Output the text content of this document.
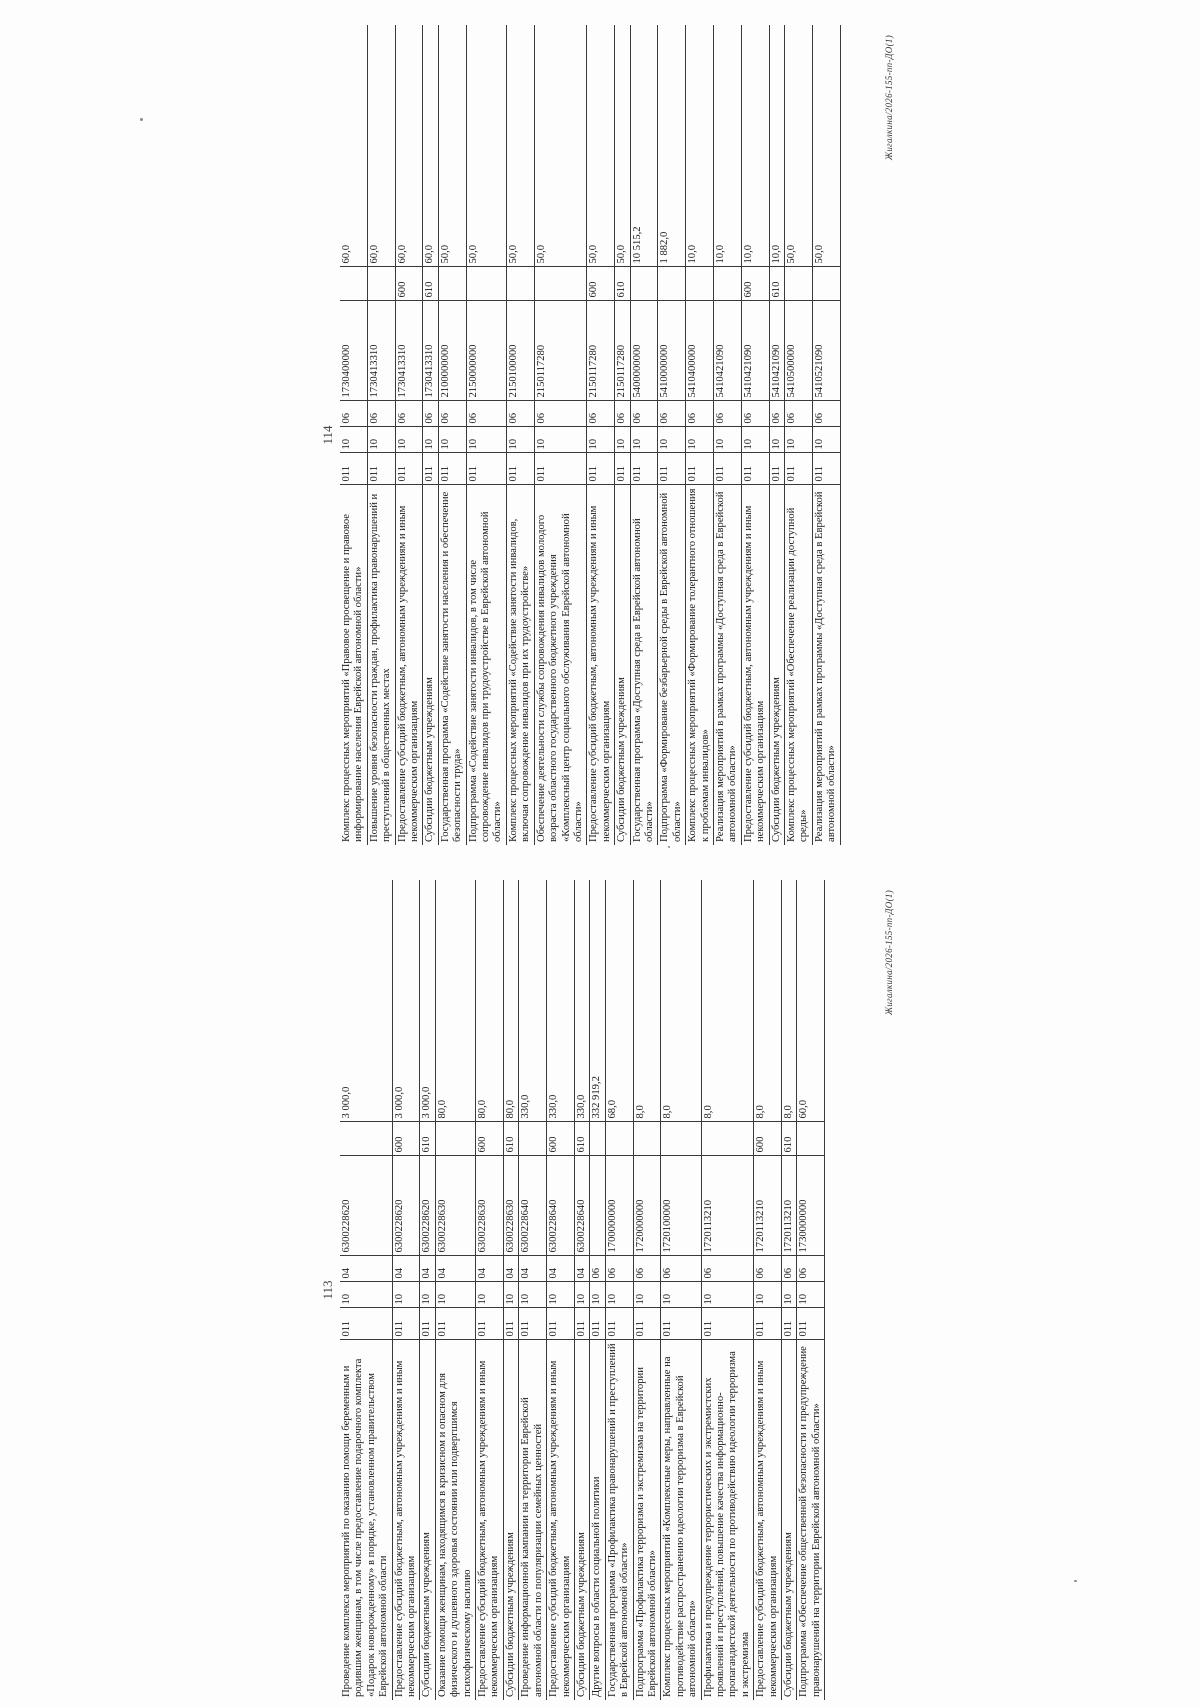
113
Проведение комплекса мероприятий по оказанию помощи беременным и родившим женщинам, в том числе предоставление подарочного комплекта «Подарок новорожденному» в порядке, установленном правительством Еврейской автономной области	011	10	04	6300228620		3 000,0
Предоставление субсидий бюджетным, автономным учреждениям и иным некоммерческим организациям	011	10	04	6300228620	600	3 000,0
Субсидии бюджетным учреждениям	011	10	04	6300228620	610	3 000,0
Оказание помощи женщинам, находящимся в кризисном и опасном для физического и душевного здоровья состоянии или подвергшимся психофизическому насилию	011	10	04	6300228630		80,0
Предоставление субсидий бюджетным, автономным учреждениям и иным некоммерческим организациям	011	10	04	6300228630	600	80,0
Субсидии бюджетным учреждениям	011	10	04	6300228630	610	80,0
Проведение информационной кампании на территории Еврейской автономной области по популяризации семейных ценностей	011	10	04	6300228640		330,0
Предоставление субсидий бюджетным, автономным учреждениям и иным некоммерческим организациям	011	10	04	6300228640	600	330,0
Субсидии бюджетным учреждениям	011	10	04	6300228640	610	330,0
Другие вопросы в области социальной политики	011	10	06			332 919,2
Государственная программа «Профилактика правонарушений и преступлений в Еврейской автономной области»	011	10	06	1700000000		68,0
Подпрограмма «Профилактика терроризма и экстремизма на территории Еврейской автономной области»	011	10	06	1720000000		8,0
Комплекс процессных мероприятий «Комплексные меры, направленные на противодействие распространению идеологии терроризма в Еврейской автономной области»	011	10	06	1720100000		8,0
Профилактика и предупреждение террористических и экстремистских проявлений и преступлений, повышение качества информационно-пропагандистской деятельности по противодействию идеологии терроризма и экстремизма	011	10	06	1720113210		8,0
Предоставление субсидий бюджетным, автономным учреждениям и иным некоммерческим организациям	011	10	06	1720113210	600	8,0
Субсидии бюджетным учреждениям	011	10	06	1720113210	610	8,0
Подпрограмма «Обеспечение общественной безопасности и предупреждение правонарушений на территории Еврейской автономной области»	011	10	06	1730000000		60,0
Жигалкина/2026-155-пп-ДО(1)
114
Комплекс процессных мероприятий «Правовое просвещение и правовое информирование населения Еврейской автономной области»	011	10	06	1730400000		60,0
Повышение уровня безопасности граждан, профилактика правонарушений и преступлений в общественных местах	011	10	06	1730413310		60,0
Предоставление субсидий бюджетным, автономным учреждениям и иным некоммерческим организациям	011	10	06	1730413310	600	60,0
Субсидии бюджетным учреждениям	011	10	06	1730413310	610	60,0
Государственная программа «Содействие занятости населения и обеспечение безопасности труда»	011	10	06	2100000000		50,0
Подпрограмма «Содействие занятости инвалидов, в том числе сопровождение инвалидов при трудоустройстве в Еврейской автономной области»	011	10	06	2150000000		50,0
Комплекс процессных мероприятий «Содействие занятости инвалидов, включая сопровождение инвалидов при их трудоустройстве»	011	10	06	2150100000		50,0
Обеспечение деятельности службы сопровождения инвалидов молодого возраста областного государственного бюджетного учреждения «Комплексный центр социального обслуживания Еврейской автономной области»	011	10	06	2150117280		50,0
Предоставление субсидий бюджетным, автономным учреждениям и иным некоммерческим организациям	011	10	06	2150117280	600	50,0
Субсидии бюджетным учреждениям	011	10	06	2150117280	610	50,0
Государственная программа «Доступная среда в Еврейской автономной области»	011	10	06	5400000000		10 515,2
Подпрограмма «Формирование безбарьерной среды в Еврейской автономной области»	011	10	06	5410000000		1 882,0
Комплекс процессных мероприятий «Формирование толерантного отношения к проблемам инвалидов»	011	10	06	5410400000		10,0
Реализация мероприятий в рамках программы «Доступная среда в Еврейской автономной области»	011	10	06	5410421090		10,0
Предоставление субсидий бюджетным, автономным учреждениям и иным некоммерческим организациям	011	10	06	5410421090	600	10,0
Субсидии бюджетным учреждениям	011	10	06	5410421090	610	10,0
Комплекс процессных мероприятий «Обеспечение реализации доступной среды»	011	10	06	5410500000		50,0
Реализация мероприятий в рамках программы «Доступная среда в Еврейской автономной области»	011	10	06	5410521090		50,0
Жигалкина/2026-155-пп-ДО(1)
